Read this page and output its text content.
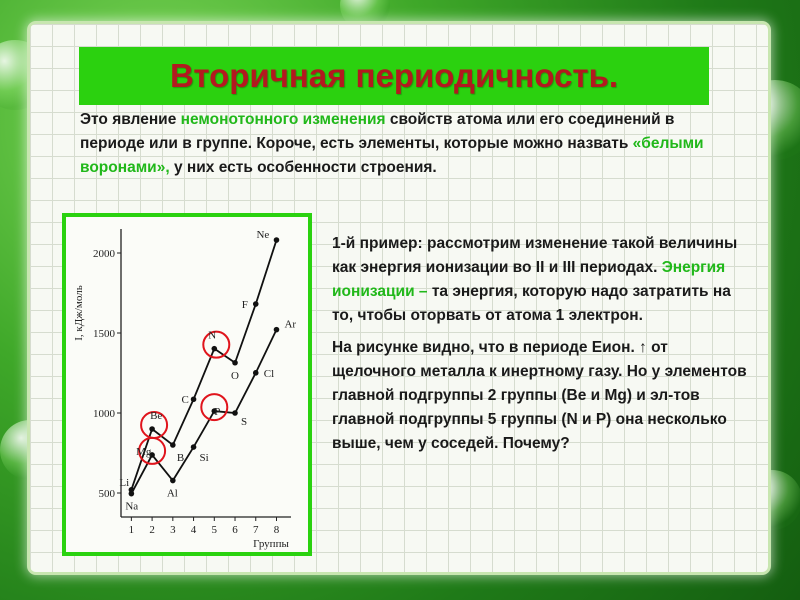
Вторичная периодичность.
Это явление немонотонного изменения свойств атома или его соединений в периоде или в группе. Короче, есть элементы, которые можно назвать «белыми воронами», у них есть особенности строения.
500
1000
1500
2000
1 2 3 4 5 6 7 8
I, кДж/моль
Группы
Li
Be
B
C
N
O
F
Ne
Na
Mg
Al
Si
P
S
Cl
Ar

1-й пример: рассмотрим изменение такой величины как энергия ионизации во II и III периодах. Энергия ионизации – та энергия, которую надо затратить на то, чтобы оторвать от атома 1 электрон.

На рисунке видно, что в периоде Еион. ↑ от щелочного металла к инертному газу. Но у элементов главной подгруппы 2 группы (Be и Mg) и эл-тов главной подгруппы 5 группы (N и P) она несколько выше, чем у соседей. Почему?
